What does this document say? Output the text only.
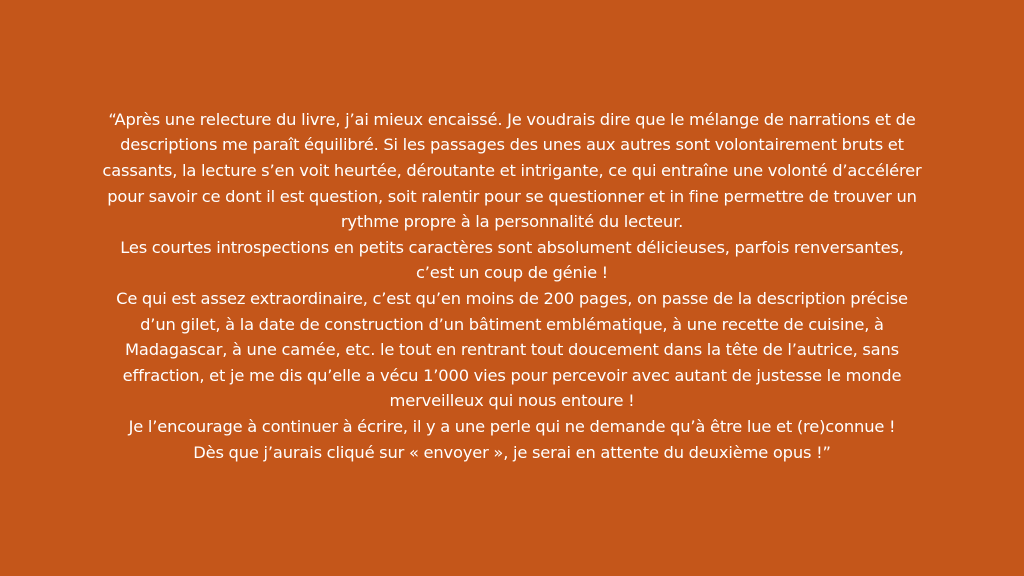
“Après une relecture du livre, j’ai mieux encaissé. Je voudrais dire que le mélange de narrations et de
descriptions me paraît équilibré. Si les passages des unes aux autres sont volontairement bruts et
cassants, la lecture s’en voit heurtée, déroutante et intrigante, ce qui entraîne une volonté d’accélérer
pour savoir ce dont il est question, soit ralentir pour se questionner et in fine permettre de trouver un
rythme propre à la personnalité du lecteur.
Les courtes introspections en petits caractères sont absolument délicieuses, parfois renversantes,
c’est un coup de génie !
Ce qui est assez extraordinaire, c’est qu’en moins de 200 pages, on passe de la description précise
d’un gilet, à la date de construction d’un bâtiment emblématique, à une recette de cuisine, à
Madagascar, à une camée, etc. le tout en rentrant tout doucement dans la tête de l’autrice, sans
effraction, et je me dis qu’elle a vécu 1’000 vies pour percevoir avec autant de justesse le monde
merveilleux qui nous entoure !
Je l’encourage à continuer à écrire, il y a une perle qui ne demande qu’à être lue et (re)connue !
Dès que j’aurais cliqué sur « envoyer », je serai en attente du deuxième opus !”
